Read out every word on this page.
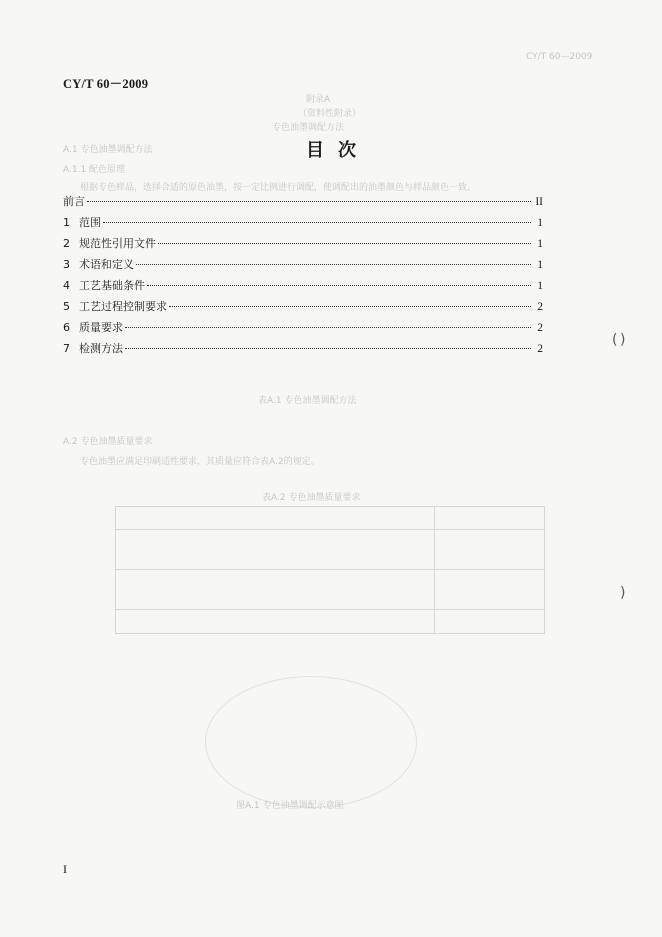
CY/T 60—2009
附录A
（资料性附录）
专色油墨调配方法
A.1 专色油墨调配方法
A.1.1 配色原理
根据专色样品，选择合适的原色油墨，按一定比例进行调配，使调配出的油墨颜色与样品颜色一致。
表A.1 专色油墨调配方法
A.2 专色油墨质量要求
专色油墨应满足印刷适性要求，其质量应符合表A.2的规定。
表A.2 专色油墨质量要求
图A.1 专色油墨调配示意图
( )
)
CY/T 60－2009
目次
前言	II
1 范围	1
2 规范性引用文件	1
3 术语和定义	1
4 工艺基础条件	1
5 工艺过程控制要求	2
6 质量要求	2
7 检测方法	2
I
